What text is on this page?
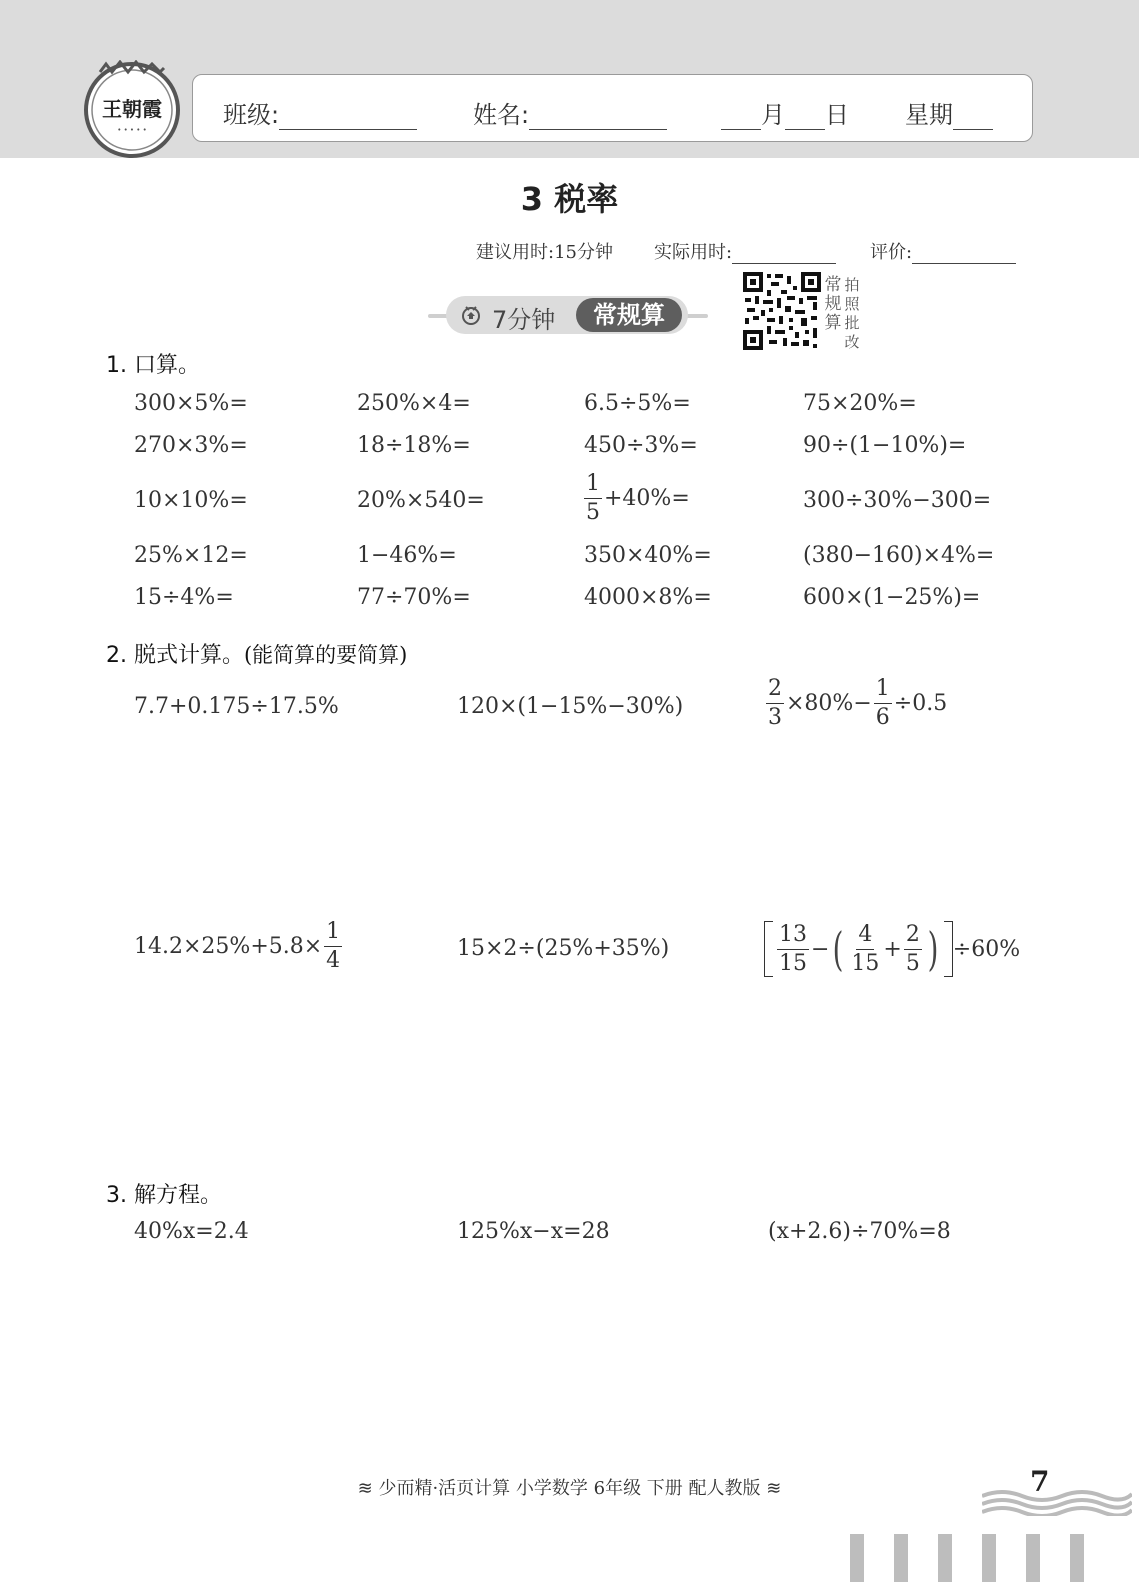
王朝霞
• • • • •
班级:	姓名:	月 日 星期
3 税率
建议用时:15分钟 实际用时:	评价:
7分钟	常规算
常
规
算
拍
照
批
改
1. 口算。
300×5%=	250%×4=	6.5÷5%=	75×20%=
270×3%=	18÷18%=	450÷3%=	90÷(1−10%)=
10×10%=	20%×540=	$\frac{1}{5} +40\%=$	300÷30%−300=
25%×12=	1−46%=	350×40%=	(380−160)×4%=
15÷4%=	77÷70%=	4000×8%=	600×(1−25%)=
2. 脱式计算。(能简算的要简算)
7.7+0.175÷17.5%	120×(1−15%−30%)	$\frac{2}{3} \times 80\%- \frac{1}{6} \div 0.5$
$14.2\times 25\%+5.8\times \frac{1}{4}$	15×2÷(25%+35%)	$\frac{13}{15}$ − ( $\frac{4}{15} + \frac{2}{5}$ ) ÷60%
3. 解方程。
40%x=2.4	125%x−x=28	(x+2.6)÷70%=8
≋ 少而精·活页计算 小学数学 6年级 下册 配人教版 ≋	7
